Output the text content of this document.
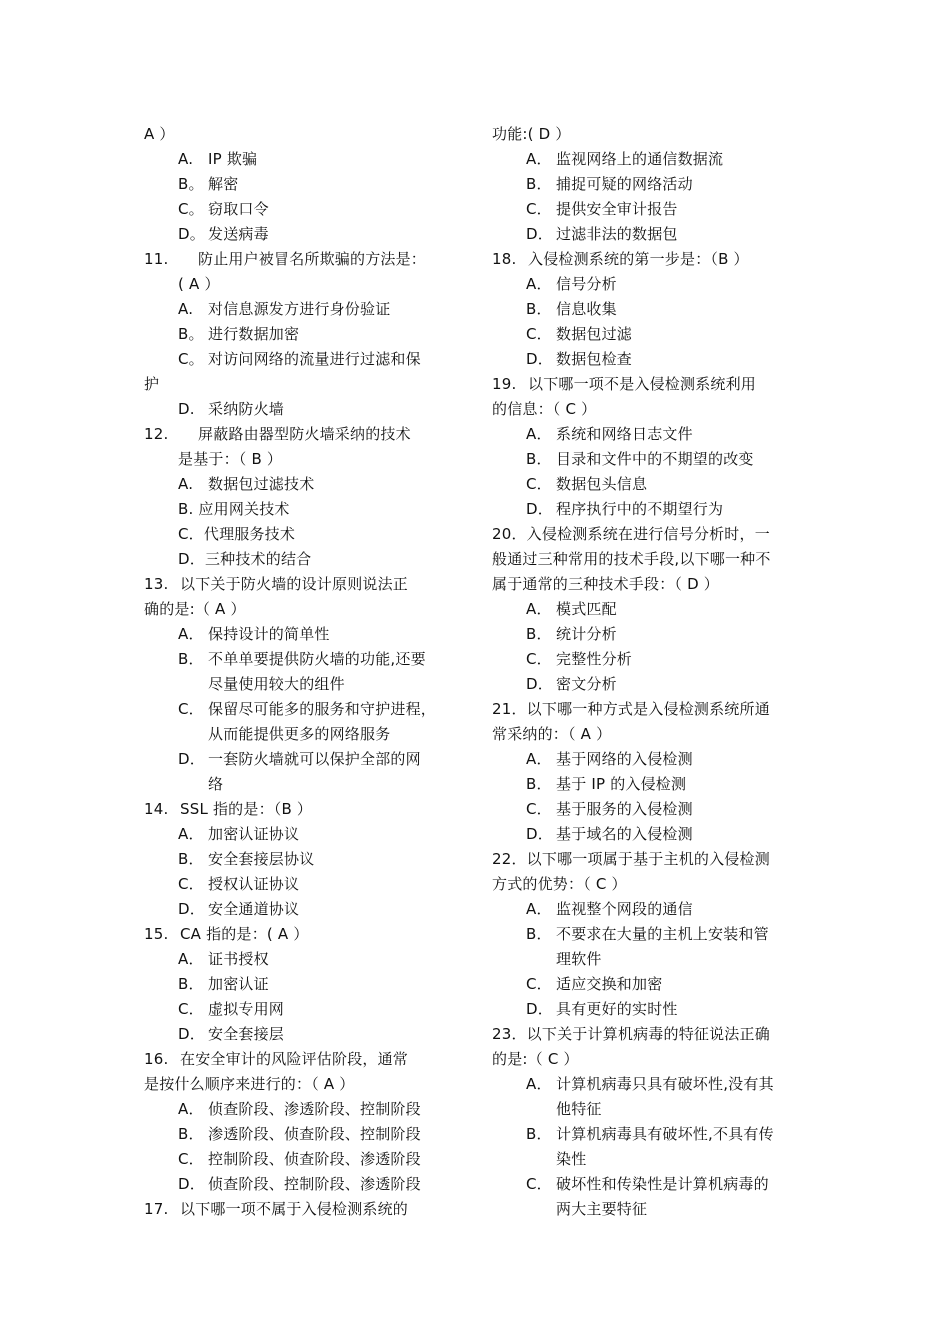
A ）
A. IP 欺骗
B。 解密
C。 窃取口令
D。 发送病毒
11. 防止用户被冒名所欺骗的方法是：
( A ）
A. 对信息源发方进行身份验证
B。 进行数据加密
C。 对访问网络的流量进行过滤和保
护
D. 采纳防火墙
12. 屏蔽路由器型防火墙采纳的技术
是基于：（ B ）
A. 数据包过滤技术
B. 应用网关技术
C．代理服务技术
D．三种技术的结合
13. 以下关于防火墙的设计原则说法正
确的是:（ A ）
A． 保持设计的简单性
B． 不单单要提供防火墙的功能,还要
尽量使用较大的组件
C． 保留尽可能多的服务和守护进程，
从而能提供更多的网络服务
D． 一套防火墙就可以保护全部的网
络
14. SSL 指的是：（B ）
A． 加密认证协议
B． 安全套接层协议
C． 授权认证协议
D． 安全通道协议
15. CA 指的是：( A ）
A． 证书授权
B． 加密认证
C． 虚拟专用网
D． 安全套接层
16. 在安全审计的风险评估阶段，通常
是按什么顺序来进行的：（ A ）
A． 侦查阶段、渗透阶段、控制阶段
B． 渗透阶段、侦查阶段、控制阶段
C． 控制阶段、侦查阶段、渗透阶段
D． 侦查阶段、控制阶段、渗透阶段
17. 以下哪一项不属于入侵检测系统的
功能:( D ）
A． 监视网络上的通信数据流
B． 捕捉可疑的网络活动
C． 提供安全审计报告
D． 过滤非法的数据包
18. 入侵检测系统的第一步是：（B ）
A． 信号分析
B． 信息收集
C． 数据包过滤
D． 数据包检查
19. 以下哪一项不是入侵检测系统利用
的信息：（ C ）
A． 系统和网络日志文件
B． 目录和文件中的不期望的改变
C． 数据包头信息
D． 程序执行中的不期望行为
20．入侵检测系统在进行信号分析时，一
般通过三种常用的技术手段,以下哪一种不
属于通常的三种技术手段：（ D ）
A． 模式匹配
B． 统计分析
C． 完整性分析
D． 密文分析
21．以下哪一种方式是入侵检测系统所通
常采纳的：（ A ）
A． 基于网络的入侵检测
B． 基于 IP 的入侵检测
C． 基于服务的入侵检测
D． 基于域名的入侵检测
22．以下哪一项属于基于主机的入侵检测
方式的优势：（ C ）
A． 监视整个网段的通信
B． 不要求在大量的主机上安装和管
理软件
C． 适应交换和加密
D． 具有更好的实时性
23．以下关于计算机病毒的特征说法正确
的是:（ C ）
A． 计算机病毒只具有破坏性,没有其
他特征
B． 计算机病毒具有破坏性,不具有传
染性
C． 破坏性和传染性是计算机病毒的
两大主要特征
